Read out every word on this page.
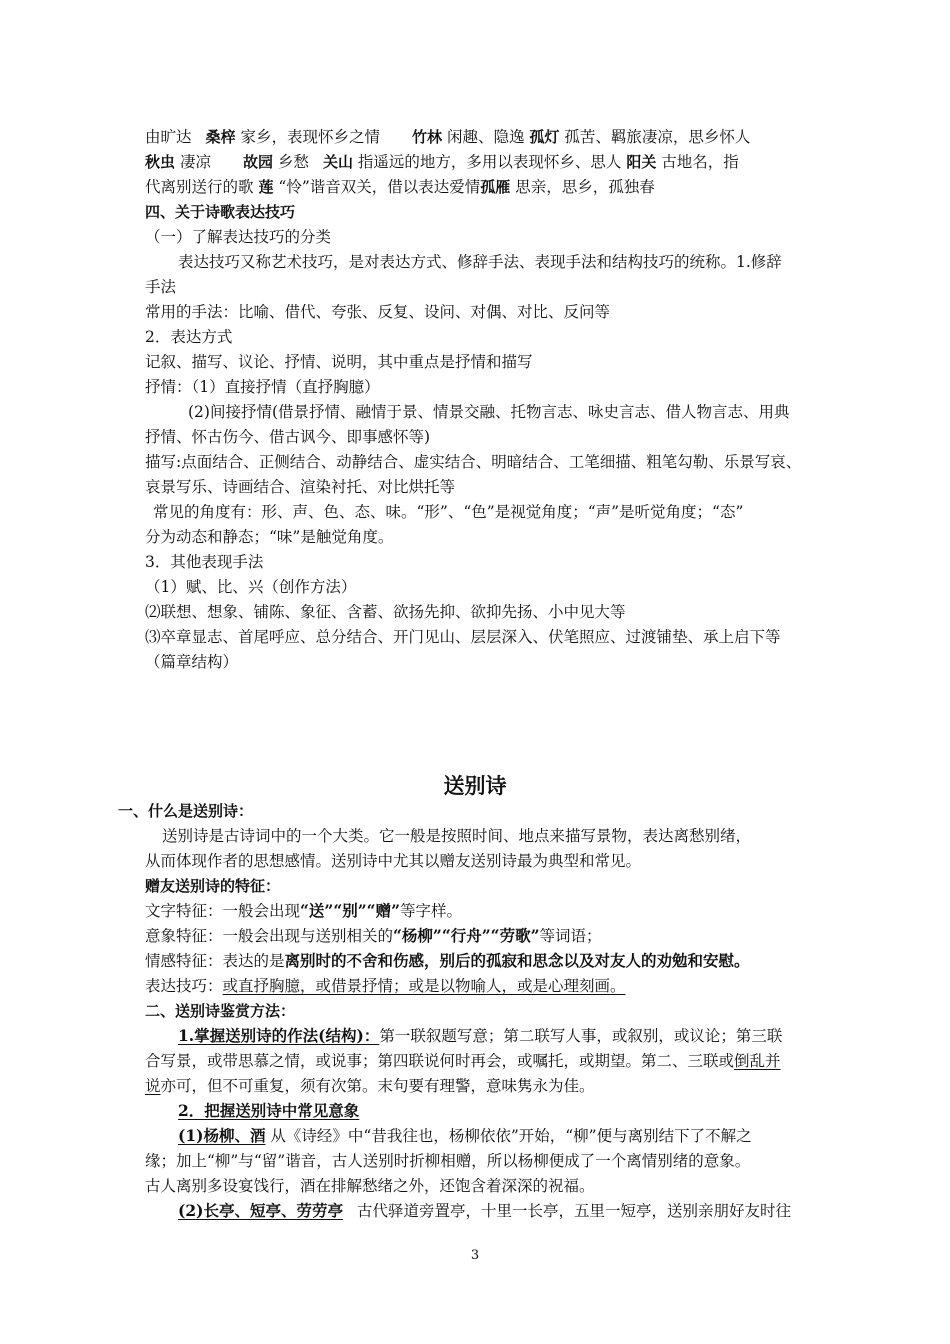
由旷达 桑梓 家乡，表现怀乡之情 竹林 闲趣、隐逸 孤灯 孤苦、羁旅凄凉，思乡怀人
秋虫 凄凉 故园 乡愁 关山 指遥远的地方，多用以表现怀乡、思人 阳关 古地名，指
代离别送行的歌 莲 “怜”谐音双关，借以表达爱情孤雁 思亲，思乡，孤独春
四、关于诗歌表达技巧
（一）了解表达技巧的分类
表达技巧又称艺术技巧，是对表达方式、修辞手法、表现手法和结构技巧的统称。1.修辞
手法
常用的手法：比喻、借代、夸张、反复、设问、对偶、对比、反问等
2．表达方式
记叙、描写、议论、抒情、说明，其中重点是抒情和描写
抒情：（1）直接抒情（直抒胸臆）
(2)间接抒情(借景抒情、融情于景、情景交融、托物言志、咏史言志、借人物言志、用典
抒情、怀古伤今、借古讽今、即事感怀等)
描写:点面结合、正侧结合、动静结合、虚实结合、明暗结合、工笔细描、粗笔勾勒、乐景写哀、
哀景写乐、诗画结合、渲染衬托、对比烘托等
常见的角度有：形、声、色、态、味。“形”、“色”是视觉角度；“声”是听觉角度；“态”
分为动态和静态；“味”是触觉角度。
3．其他表现手法
（1）赋、比、兴（创作方法）
⑵联想、想象、铺陈、象征、含蓄、欲扬先抑、欲抑先扬、小中见大等
⑶卒章显志、首尾呼应、总分结合、开门见山、层层深入、伏笔照应、过渡铺垫、承上启下等
（篇章结构）
送别诗
一、什么是送别诗：
送别诗是古诗词中的一个大类。它一般是按照时间、地点来描写景物，表达离愁别绪，
从而体现作者的思想感情。送别诗中尤其以赠友送别诗最为典型和常见。
赠友送别诗的特征：
文字特征：一般会出现“送”“别”“赠”等字样。
意象特征：一般会出现与送别相关的“杨柳”“行舟”“劳歌”等词语；
情感特征：表达的是离别时的不舍和伤感，别后的孤寂和思念以及对友人的劝勉和安慰。
表达技巧：或直抒胸臆，或借景抒情；或是以物喻人，或是心理刻画。
二、送别诗鉴赏方法：
1.掌握送别诗的作法(结构)：第一联叙题写意；第二联写人事，或叙别，或议论；第三联
合写景，或带思慕之情，或说事；第四联说何时再会，或嘱托，或期望。第二、三联或倒乱并
说亦可，但不可重复，须有次第。末句要有理警，意味隽永为佳。
2．把握送别诗中常见意象
(1)杨柳、酒 从《诗经》中“昔我往也，杨柳依依”开始，“柳”便与离别结下了不解之
缘；加上“柳”与“留”谐音，古人送别时折柳相赠，所以杨柳便成了一个离情别绪的意象。
古人离别多设宴饯行，酒在排解愁绪之外，还饱含着深深的祝福。
(2)长亭、短亭、劳劳亭 古代驿道旁置亭，十里一长亭，五里一短亭，送别亲朋好友时往
3
